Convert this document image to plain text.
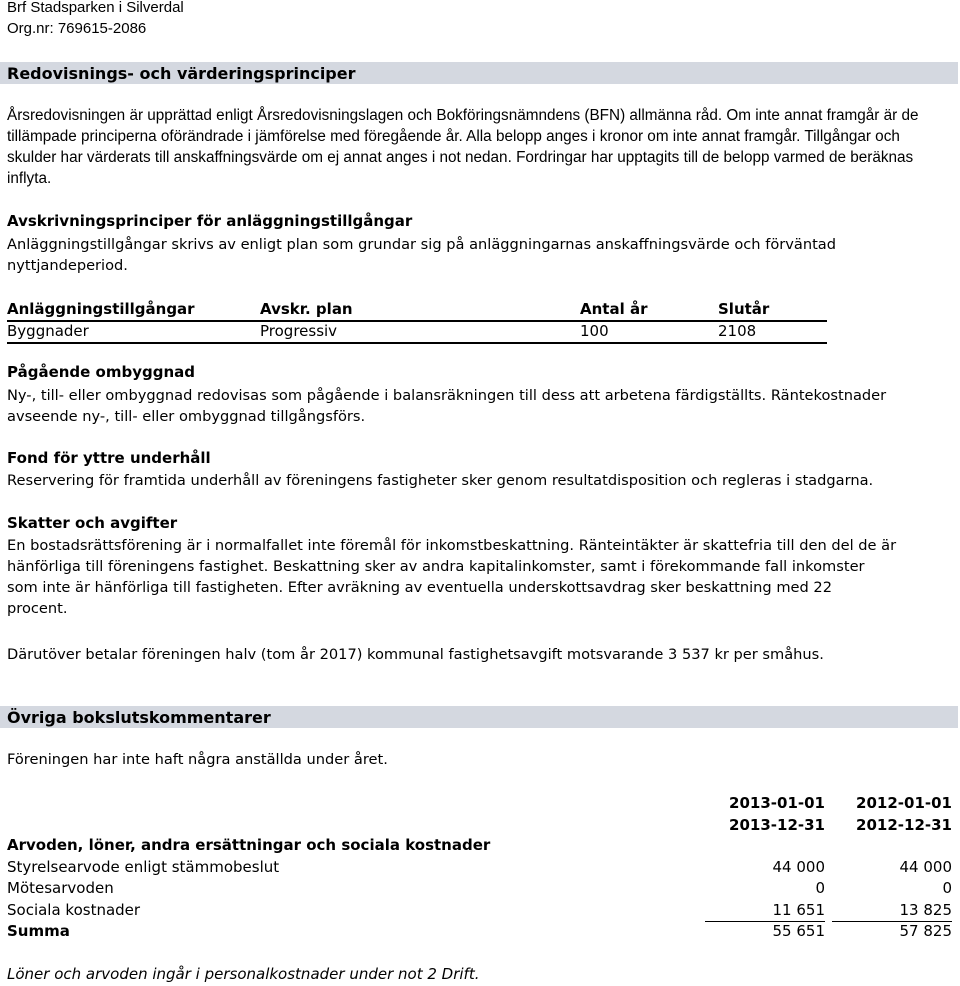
Brf Stadsparken i Silverdal
Org.nr: 769615-2086
Redovisnings- och värderingsprinciper
Årsredovisningen är upprättad enligt Årsredovisningslagen och Bokföringsnämndens (BFN) allmänna råd. Om inte annat framgår är de tillämpade principerna oförändrade i jämförelse med föregående år. Alla belopp anges i kronor om inte annat framgår. Tillgångar och skulder har värderats till anskaffningsvärde om ej annat anges i not nedan. Fordringar har upptagits till de belopp varmed de beräknas inflyta.
Avskrivningsprinciper för anläggningstillgångar
Anläggningstillgångar skrivs av enligt plan som grundar sig på anläggningarnas anskaffningsvärde och förväntad nyttjandeperiod.
Anläggningstillgångar	Avskr. plan	Antal år	Slutår
Byggnader	Progressiv	100	2108
Pågående ombyggnad
Ny-, till- eller ombyggnad redovisas som pågående i balansräkningen till dess att arbetena färdigställts. Räntekostnader avseende ny-, till- eller ombyggnad tillgångsförs.
Fond för yttre underhåll
Reservering för framtida underhåll av föreningens fastigheter sker genom resultatdisposition och regleras i stadgarna.
Skatter och avgifter
En bostadsrättsförening är i normalfallet inte föremål för inkomstbeskattning. Ränteintäkter är skattefria till den del de är hänförliga till föreningens fastighet. Beskattning sker av andra kapitalinkomster, samt i förekommande fall inkomster som inte är hänförliga till fastigheten. Efter avräkning av eventuella underskottsavdrag sker beskattning med 22 procent.
Därutöver betalar föreningen halv (tom år 2017) kommunal fastighetsavgift motsvarande 3 537 kr per småhus.
Övriga bokslutskommentarer
Föreningen har inte haft några anställda under året.
2013-01-01	2012-01-01
2013-12-31	2012-12-31
Arvoden, löner, andra ersättningar och sociala kostnader
Styrelsearvode enligt stämmobeslut	44 000	44 000
Mötesarvoden	0	0
Sociala kostnader	11 651	13 825
Summa	55 651	57 825
Löner och arvoden ingår i personalkostnader under not 2 Drift.
